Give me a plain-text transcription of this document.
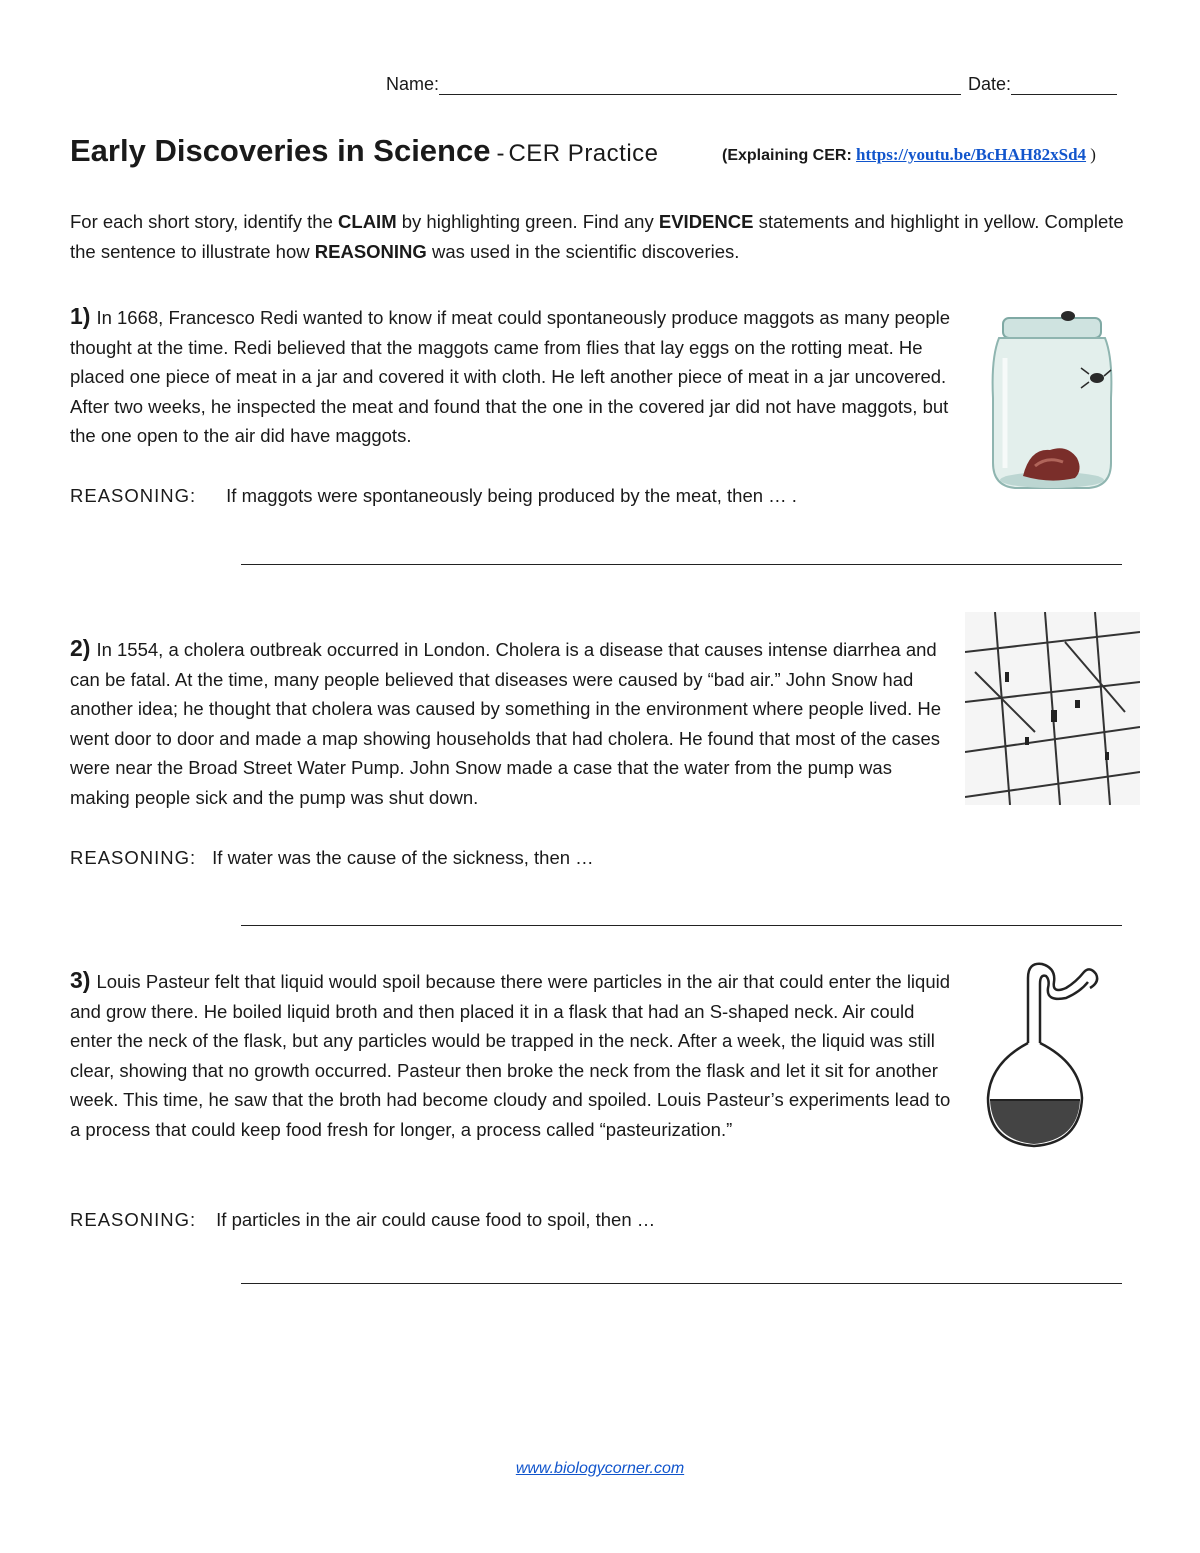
Name:	Date:
Early Discoveries in Science - CER Practice	(Explaining CER: https://youtu.be/BcHAH82xSd4 )
For each short story, identify the CLAIM by highlighting green. Find any EVIDENCE statements and highlight in yellow. Complete the sentence to illustrate how REASONING was used in the scientific discoveries.
1) In 1668, Francesco Redi wanted to know if meat could spontaneously produce maggots as many people thought at the time. Redi believed that the maggots came from flies that lay eggs on the rotting meat. He placed one piece of meat in a jar and covered it with cloth. He left another piece of meat in a jar uncovered. After two weeks, he inspected the meat and found that the one in the covered jar did not have maggots, but the one open to the air did have maggots.
REASONING: If maggots were spontaneously being produced by the meat, then … .
2) In 1554, a cholera outbreak occurred in London. Cholera is a disease that causes intense diarrhea and can be fatal. At the time, many people believed that diseases were caused by “bad air.” John Snow had another idea; he thought that cholera was caused by something in the environment where people lived. He went door to door and made a map showing households that had cholera. He found that most of the cases were near the Broad Street Water Pump. John Snow made a case that the water from the pump was making people sick and the pump was shut down.
REASONING: If water was the cause of the sickness, then …
3) Louis Pasteur felt that liquid would spoil because there were particles in the air that could enter the liquid and grow there. He boiled liquid broth and then placed it in a flask that had an S-shaped neck. Air could enter the neck of the flask, but any particles would be trapped in the neck. After a week, the liquid was still clear, showing that no growth occurred. Pasteur then broke the neck from the flask and let it sit for another week. This time, he saw that the broth had become cloudy and spoiled. Louis Pasteur’s experiments lead to a process that could keep food fresh for longer, a process called “pasteurization.”
REASONING: If particles in the air could cause food to spoil, then …
www.biologycorner.com
